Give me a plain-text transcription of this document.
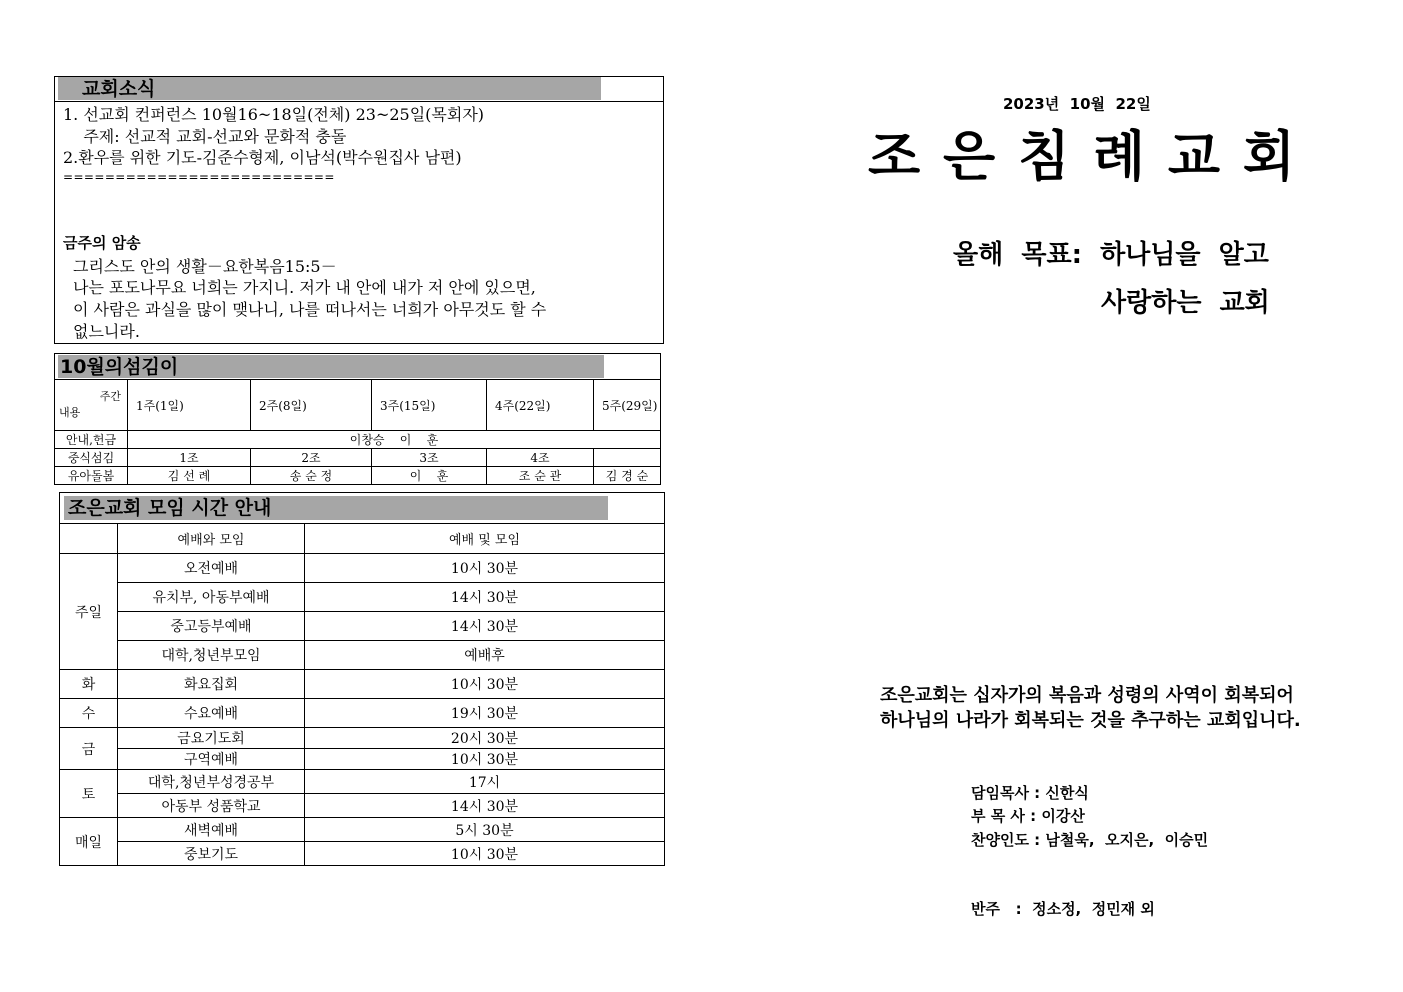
교회소식
1. 선교회 컨퍼런스 10월16~18일(전체) 23~25일(목회자)
주제: 선교적 교회-선교와 문화적 충돌
2.환우를 위한 기도-김준수형제, 이남석(박수원집사 남편)
==========================
금주의 암송
그리스도 안의 생활－요한복음15:5－
나는 포도나무요 너희는 가지니. 저가 내 안에 내가 저 안에 있으면,
이 사람은 과실을 많이 맺나니, 나를 떠나서는 너희가 아무것도 할 수
없느니라.
10월의섬김이
주간
내용	1주(1일)	2주(8일)	3주(15일)	4주(22일)	5주(29일)
안내,헌금	이창승    이    훈				
중식섬김	1조	2조	3조	4조	
유아돌봄	김 선 례	송 순 정	이    훈	조 순 관	김 경 순
조은교회 모임 시간 안내
	예배와 모임	예배 및 모임
주일	오전예배	10시 30분
	유치부, 아동부예배	14시 30분
	중고등부예배	14시 30분
	대학,청년부모임	예배후
화	화요집회	10시 30분
수	수요예배	19시 30분
금	금요기도회	20시 30분
	구역예배	10시 30분
토	대학,청년부성경공부	17시
	아동부 성품학교	14시 30분
매일	새벽예배	5시 30분
	중보기도	10시 30분
2023년  10월  22일
조 은 침 례 교 회
올해  목표:  하나님을  알고
사랑하는  교회
조은교회는 십자가의 복음과 성령의 사역이 회복되어
하나님의 나라가 회복되는 것을 추구하는 교회입니다.
담임목사 : 신한식
부 목 사 : 이강산
찬양인도 : 남철욱,  오지은,  이승민
반주   :  정소정,  정민재 외
